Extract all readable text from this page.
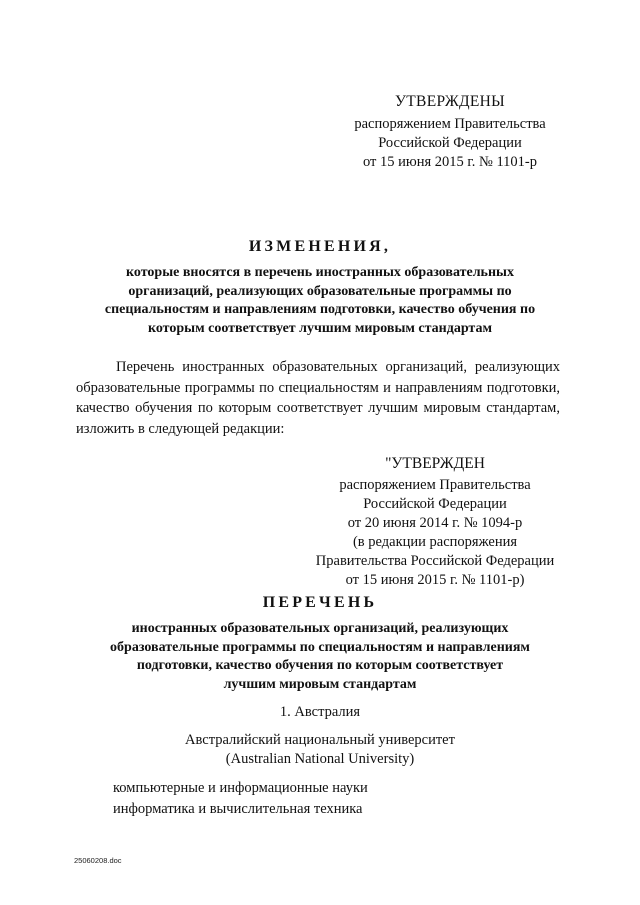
УТВЕРЖДЕНЫ
распоряжением Правительства
Российской Федерации
от 15 июня 2015 г. № 1101-р
ИЗМЕНЕНИЯ,
которые вносятся в перечень иностранных образовательных
организаций, реализующих образовательные программы по
специальностям и направлениям подготовки, качество обучения по
которым соответствует лучшим мировым стандартам
Перечень иностранных образовательных организаций, реализующих образовательные программы по специальностям и направлениям подготовки, качество обучения по которым соответствует лучшим мировым стандартам, изложить в следующей редакции:
"УТВЕРЖДЕН
распоряжением Правительства
Российской Федерации
от 20 июня 2014 г. № 1094-р
(в редакции распоряжения
Правительства Российской Федерации
от 15 июня 2015 г. № 1101-р)
ПЕРЕЧЕНЬ
иностранных образовательных организаций, реализующих
образовательные программы по специальностям и направлениям
подготовки, качество обучения по которым соответствует
лучшим мировым стандартам
1. Австралия
Австралийский национальный университет
(Australian National University)
компьютерные и информационные науки
информатика и вычислительная техника
25060208.doc
